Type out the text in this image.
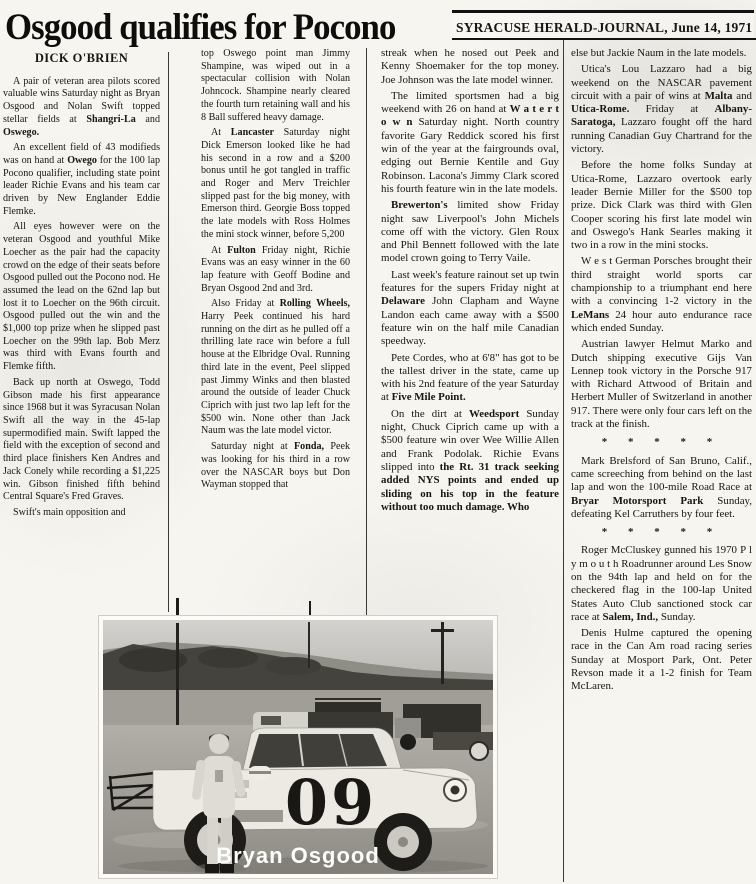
Osgood qualifies for Pocono	SYRACUSE HERALD-JOURNAL, June 14, 1971

DICK O'BRIEN

A pair of veteran area pilots scored valuable wins Saturday night as Bryan Osgood and Nolan Swift topped stellar fields at Shangri-La and Oswego.

An excellent field of 43 modifieds was on hand at Owego for the 100 lap Pocono qualifier, including state point leader Richie Evans and his team car driven by New Englander Eddie Flemke.

All eyes however were on the veteran Osgood and youthful Mike Loecher as the pair had the capacity crowd on the edge of their seats before Osgood pulled out the Pocono nod. He assumed the lead on the 62nd lap but lost it to Loecher on the 96th circuit. Osgood pulled out the win and the $1,000 top prize when he slipped past Loecher on the 99th lap. Bob Merz was third with Evans fourth and Flemke fifth.

Back up north at Oswego, Todd Gibson made his first appearance since 1968 but it was Syracusan Nolan Swift all the way in the 45-lap supermodified main. Swift lapped the field with the exception of second and third place finishers Ken Andres and Jack Conely while recording a $1,225 win. Gibson finished fifth behind Central Square's Fred Graves.

Swift's main opposition and

top Oswego point man Jimmy Shampine, was wiped out in a spectacular collision with Nolan Johncock. Shampine nearly cleared the fourth turn retaining wall and his 8 Ball suffered heavy damage.

At Lancaster Saturday night Dick Emerson looked like he had his second in a row and a $200 bonus until he got tangled in traffic and Roger and Merv Treichler slipped past for the big money, with Emerson third. Georgie Boss topped the late models with Ross Holmes the mini stock winner, before 5,200

At Fulton Friday night, Richie Evans was an easy winner in the 60 lap feature with Geoff Bodine and Bryan Osgood 2nd and 3rd.

Also Friday at Rolling Wheels, Harry Peek continued his hard running on the dirt as he pulled off a thrilling late race win before a full house at the Elbridge Oval. Running third late in the event, Peel slipped past Jimmy Winks and then blasted around the outside of leader Chuck Ciprich with just two lap left for the $500 win. None other than Jack Naum was the late model victor.

Saturday night at Fonda, Peek was looking for his third in a row over the NASCAR boys but Don Wayman stopped that

streak when he nosed out Peek and Kenny Shoemaker for the top money. Joe Johnson was the late model winner.

The limited sportsmen had a big weekend with 26 on hand at W a t e r t o w n Saturday night. North country favorite Gary Reddick scored his first win of the year at the fairgrounds oval, edging out Bernie Kentile and Guy Robinson. Lacona's Jimmy Clark scored his fourth feature win in the late models.

Brewerton's limited show Friday night saw Liverpool's John Michels come off with the victory. Glen Roux and Phil Bennett followed with the late model crown going to Terry Vaile.

Last week's feature rainout set up twin features for the supers Friday night at Delaware John Clapham and Wayne Landon each came away with a $500 feature win on the half mile Canadian speedway.

Pete Cordes, who at 6'8" has got to be the tallest driver in the state, came up with his 2nd feature of the year Saturday at Five Mile Point.

On the dirt at Weedsport Sunday night, Chuck Ciprich came up with a $500 feature win over Wee Willie Allen and Frank Podolak. Richie Evans slipped into the Rt. 31 track seeking added NYS points and ended up sliding on his top in the feature without too much damage. Who

else but Jackie Naum in the late models.

Utica's Lou Lazzaro had a big weekend on the NASCAR pavement circuit with a pair of wins at Malta and Utica-Rome. Friday at Albany-Saratoga, Lazzaro fought off the hard running Canadian Guy Chartrand for the victory.

Before the home folks Sunday at Utica-Rome, Lazzaro overtook early leader Bernie Miller for the $500 top prize. Dick Clark was third with Glen Cooper scoring his first late model win and Oswego's Hank Searles making it two in a row in the mini stocks.

W e s t German Porsches brought their third straight world sports car championship to a triumphant end here with a convincing 1-2 victory in the LeMans 24 hour auto endurance race which ended Sunday.

Austrian lawyer Helmut Marko and Dutch shipping executive Gijs Van Lennep took victory in the Porsche 917 with Richard Attwood of Britain and Herbert Muller of Switzerland in another 917. There were only four cars left on the track at the finish.

* * * * *

Mark Brelsford of San Bruno, Calif., came screeching from behind on the last lap and won the 100-mile Road Race at Bryar Motorsport Park Sunday, defeating Kel Carruthers by four feet.

* * * * *

Roger McCluskey gunned his 1970 P l y m o u t h Roadrunner around Les Snow on the 94th lap and held on for the checkered flag in the 100-lap United States Auto Club sanctioned stock car race at Salem, Ind., Sunday.

Denis Hulme captured the opening race in the Can Am road racing series Sunday at Mosport Park, Ont. Peter Revson made it a 1-2 finish for Team McLaren.

09
Bryan Osgood
